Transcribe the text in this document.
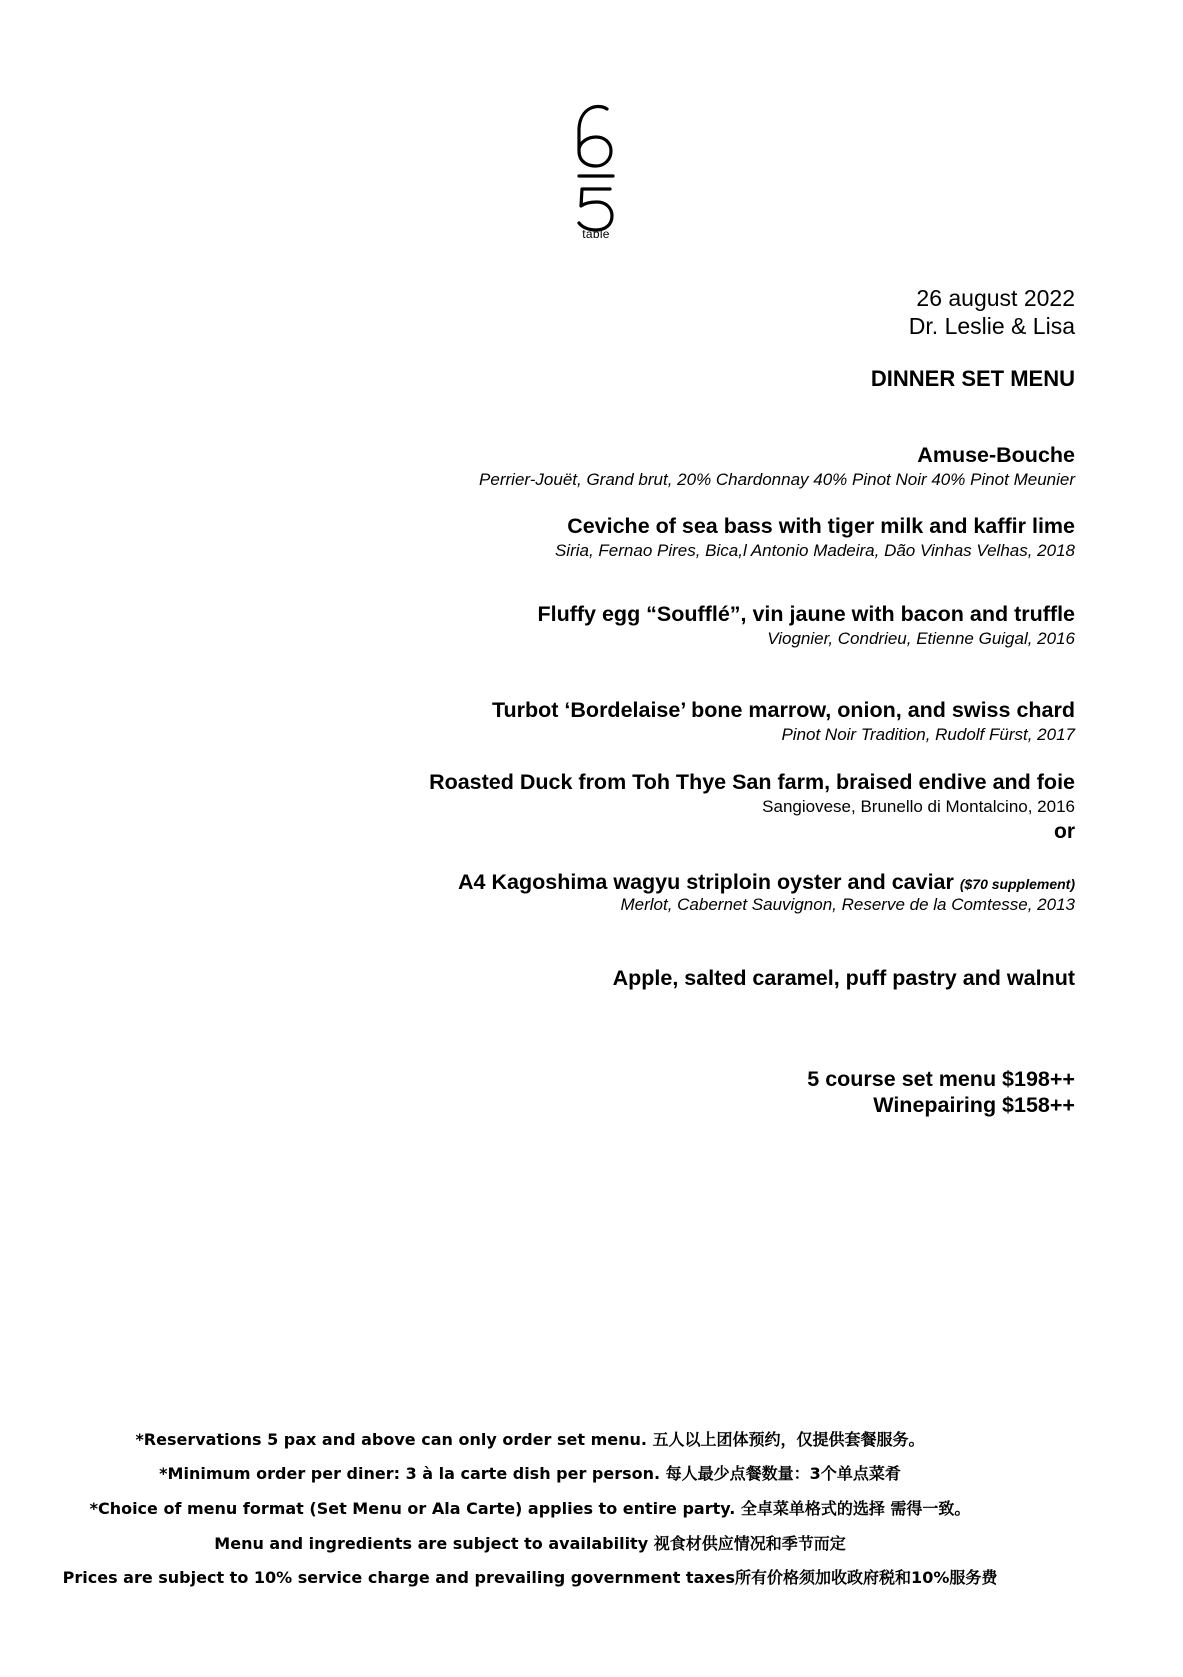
table
26 august 2022
Dr. Leslie & Lisa
DINNER SET MENU
Amuse-Bouche
Perrier-Jouët, Grand brut, 20% Chardonnay 40% Pinot Noir 40% Pinot Meunier
Ceviche of sea bass with tiger milk and kaffir lime
Siria, Fernao Pires, Bica,l Antonio Madeira, Dão Vinhas Velhas, 2018
Fluffy egg “Soufflé”, vin jaune with bacon and truffle
Viognier, Condrieu, Etienne Guigal, 2016
Turbot ‘Bordelaise’ bone marrow, onion, and swiss chard
Pinot Noir Tradition, Rudolf Fürst, 2017
Roasted Duck from Toh Thye San farm, braised endive and foie
Sangiovese, Brunello di Montalcino, 2016
or
A4 Kagoshima wagyu striploin oyster and caviar ($70 supplement)
Merlot, Cabernet Sauvignon, Reserve de la Comtesse, 2013
Apple, salted caramel, puff pastry and walnut
5 course set menu $198++
Winepairing $158++
*Reservations 5 pax and above can only order set menu. 五人以上团体预约，仅提供套餐服务。
*Minimum order per diner: 3 à la carte dish per person. 每人最少点餐数量：3个单点菜肴
*Choice of menu format (Set Menu or Ala Carte) applies to entire party. 全卓菜单格式的选择 需得一致。
Menu and ingredients are subject to availability 视食材供应情况和季节而定
Prices are subject to 10% service charge and prevailing government taxes所有价格须加收政府税和10%服务费
